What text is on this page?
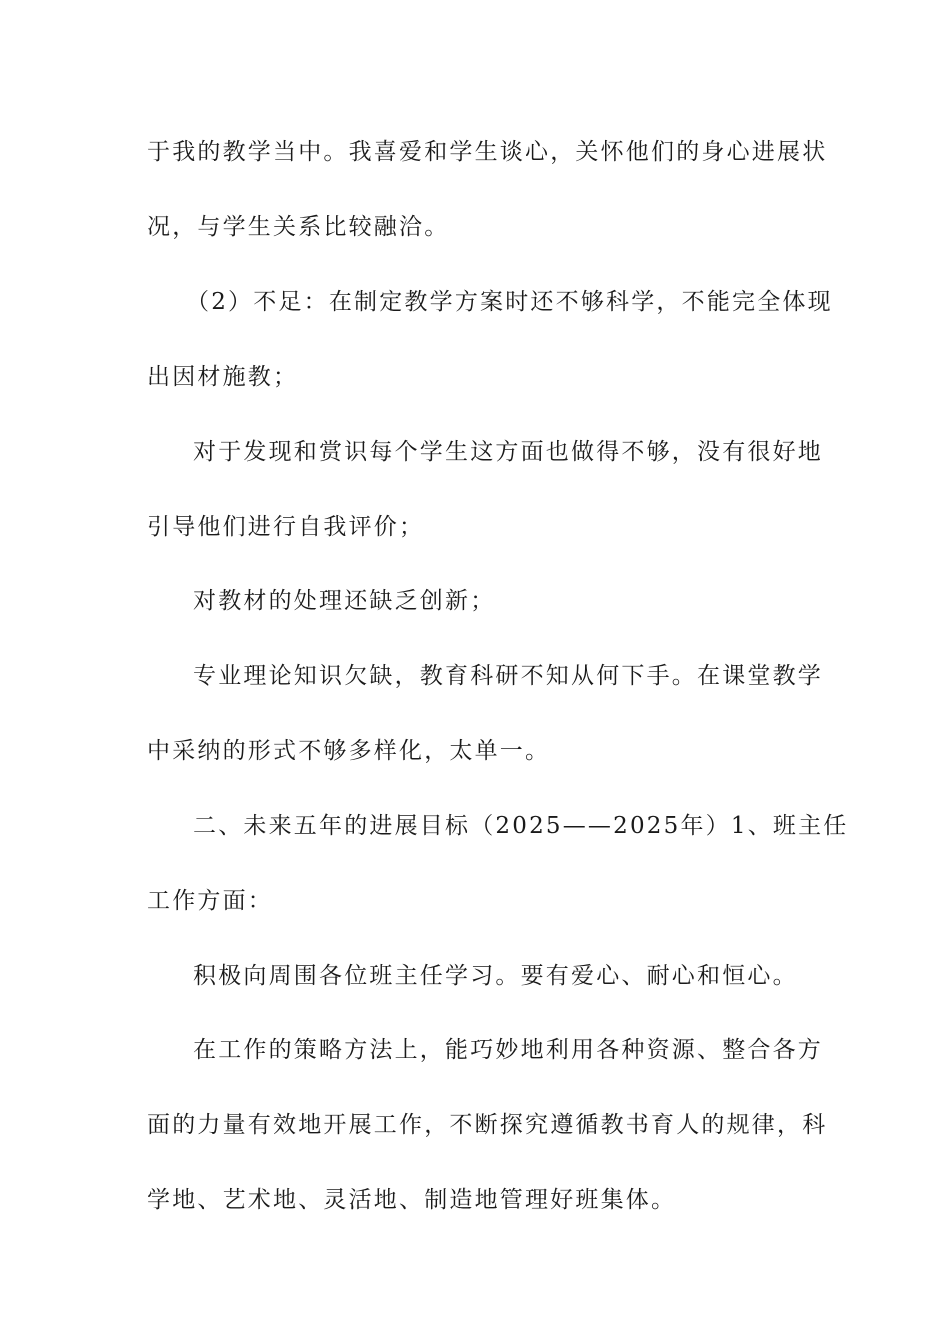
于我的教学当中。我喜爱和学生谈心，关怀他们的身心进展状
况，与学生关系比较融洽。
（2）不足：在制定教学方案时还不够科学，不能完全体现
出因材施教；
对于发现和赏识每个学生这方面也做得不够，没有很好地
引导他们进行自我评价；
对教材的处理还缺乏创新；
专业理论知识欠缺，教育科研不知从何下手。在课堂教学
中采纳的形式不够多样化，太单一。
二、未来五年的进展目标（2025——2025年）1、班主任
工作方面：
积极向周围各位班主任学习。要有爱心、耐心和恒心。
在工作的策略方法上，能巧妙地利用各种资源、整合各方
面的力量有效地开展工作，不断探究遵循教书育人的规律，科
学地、艺术地、灵活地、制造地管理好班集体。
